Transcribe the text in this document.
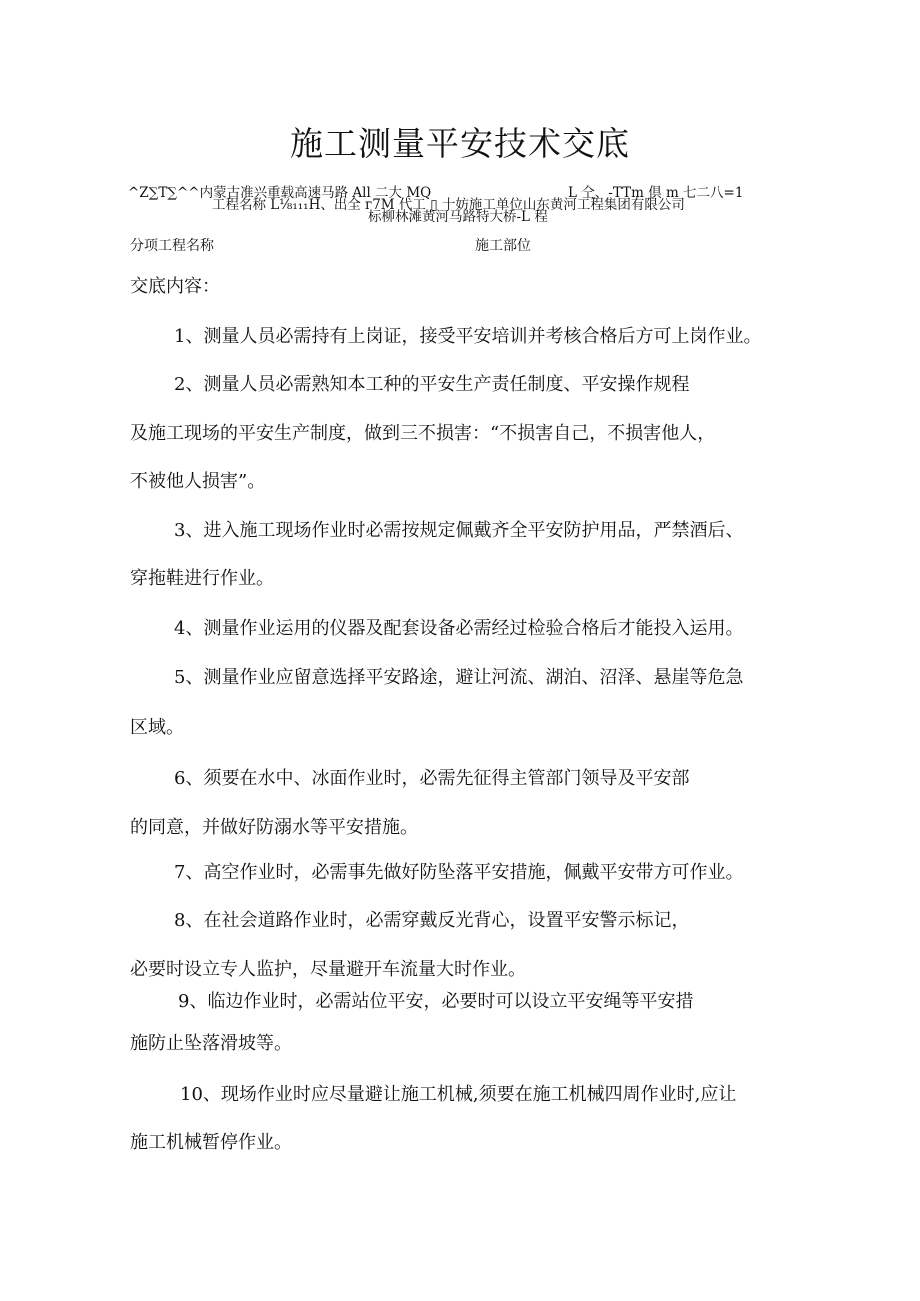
施工测量平安技术交底
^Z∑T∑^^内蒙古准兴重载高速马路 All 二大 MQ	L 仝、-TTm 倶 m 七二八=1
工程名称 L⅛₁₁₁H、出全 г7M 代工 ▯ 十妨施工单位山东黄河工程集团有限公司
标柳林滩黄河马路特大桥-L 程
分项工程名称	施工部位
交底内容：
1、测量人员必需持有上岗证，接受平安培训并考核合格后方可上岗作业。
2、测量人员必需熟知本工种的平安生产责任制度、平安操作规程
及施工现场的平安生产制度，做到三不损害：“不损害自己，不损害他人，
不被他人损害”。
3、进入施工现场作业时必需按规定佩戴齐全平安防护用品，严禁酒后、
穿拖鞋进行作业。
4、测量作业运用的仪器及配套设备必需经过检验合格后才能投入运用。
5、测量作业应留意选择平安路途，避让河流、湖泊、沼泽、悬崖等危急
区域。
6、须要在水中、冰面作业时，必需先征得主管部门领导及平安部
的同意，并做好防溺水等平安措施。
7、高空作业时，必需事先做好防坠落平安措施，佩戴平安带方可作业。
8、在社会道路作业时，必需穿戴反光背心，设置平安警示标记，
必要时设立专人监护，尽量避开车流量大时作业。
9、临边作业时，必需站位平安，必要时可以设立平安绳等平安措
施防止坠落滑坡等。
10、现场作业时应尽量避让施工机械,须要在施工机械四周作业时,应让
施工机械暂停作业。
